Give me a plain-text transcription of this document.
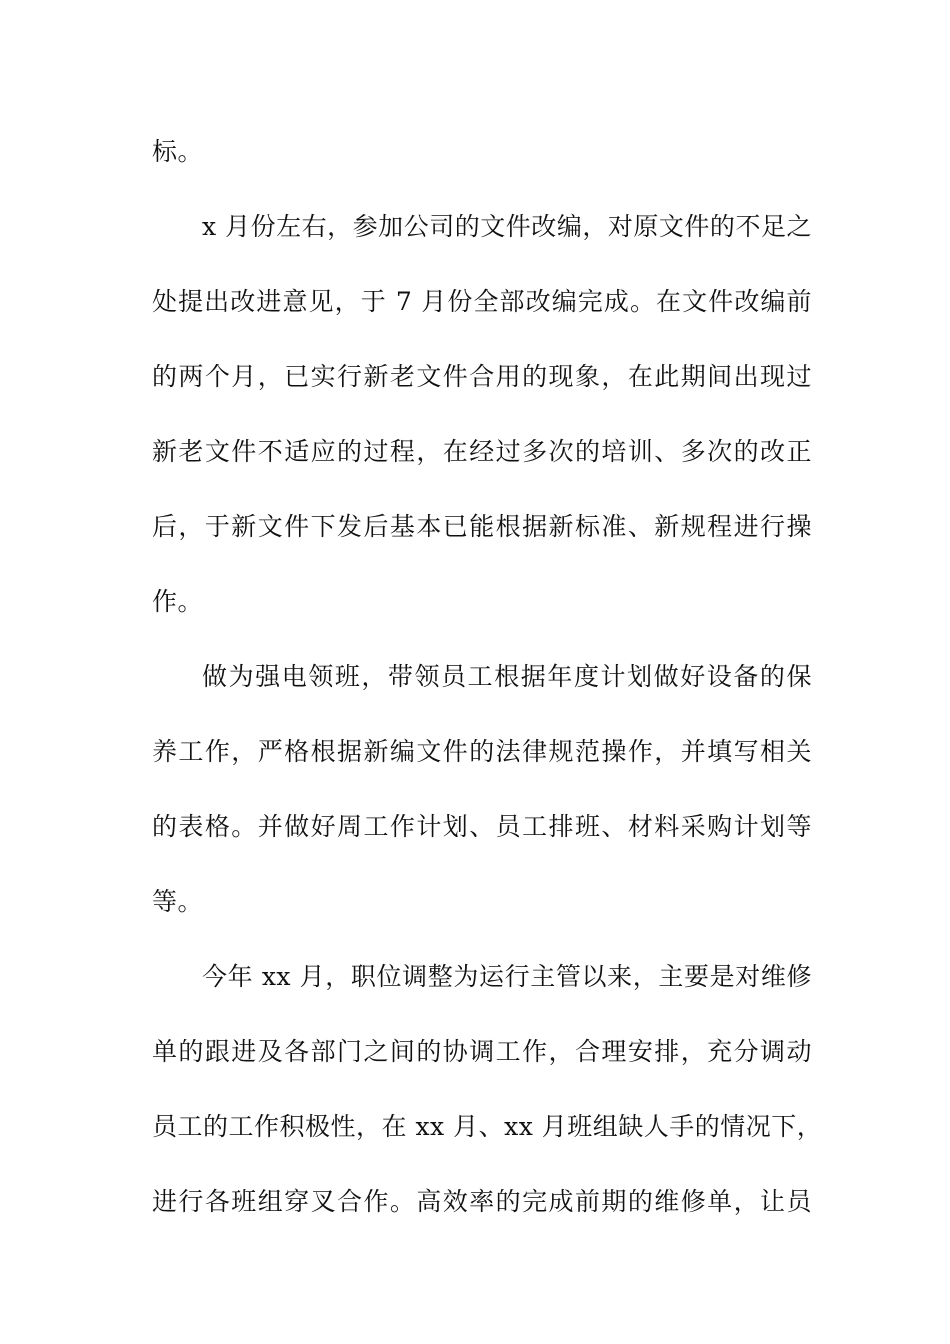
标。
x 月份左右，参加公司的文件改编，对原文件的不足之
处提出改进意见，于 7 月份全部改编完成。在文件改编前
的两个月，已实行新老文件合用的现象，在此期间出现过
新老文件不适应的过程，在经过多次的培训、多次的改正
后，于新文件下发后基本已能根据新标准、新规程进行操
作。
做为强电领班，带领员工根据年度计划做好设备的保
养工作，严格根据新编文件的法律规范操作，并填写相关
的表格。并做好周工作计划、员工排班、材料采购计划等
等。
今年 xx 月，职位调整为运行主管以来，主要是对维修
单的跟进及各部门之间的协调工作，合理安排，充分调动
员工的工作积极性，在 xx 月、xx 月班组缺人手的情况下，
进行各班组穿叉合作。高效率的完成前期的维修单，让员
